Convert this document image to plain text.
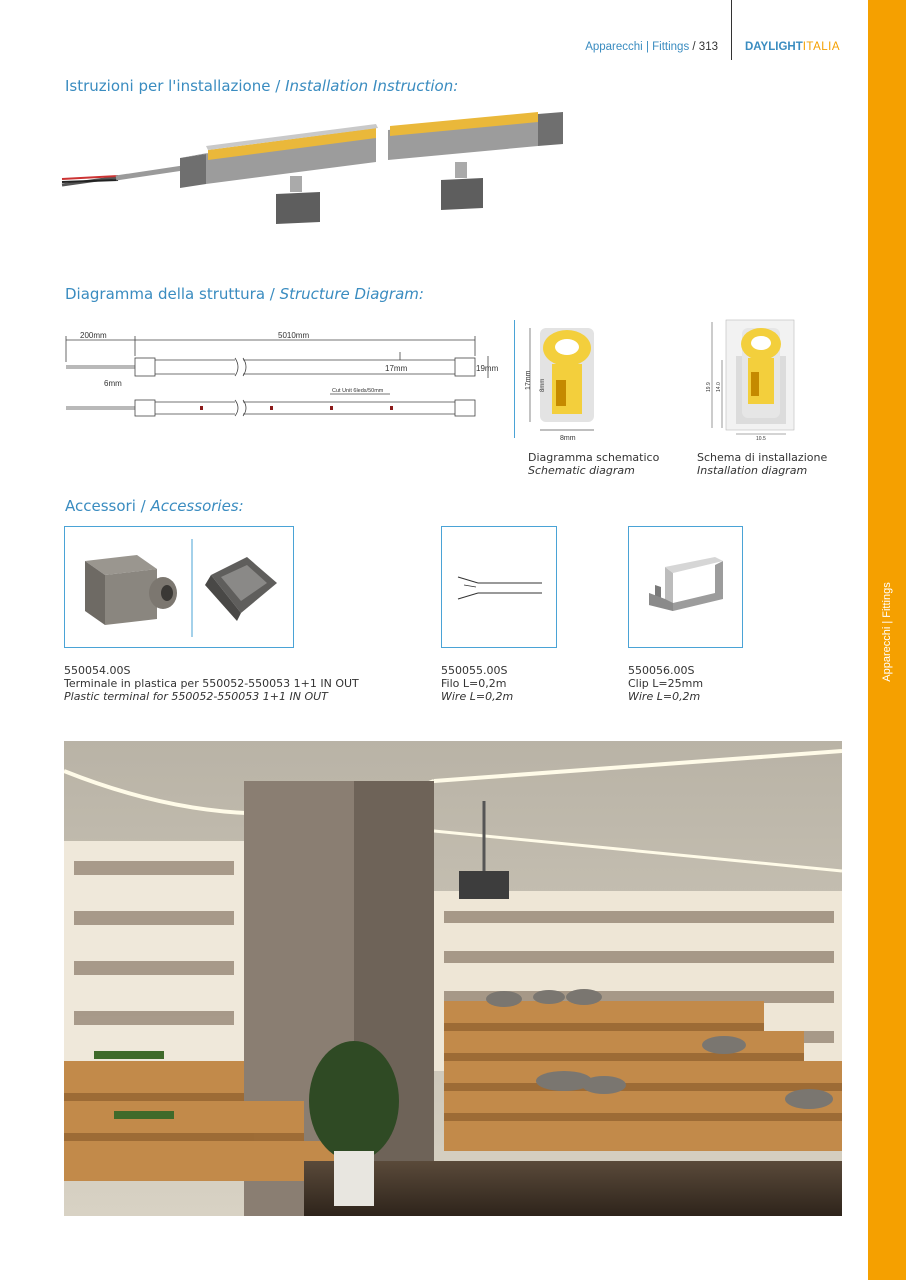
Apparecchi | Fittings
Apparecchi | Fittings / 313 DAYLIGHTITALIA
Istruzioni per l'installazione / Installation Instruction:
Diagramma della struttura / Structure Diagram:
200mm	5010mm
17mm	19mm
6mm
Cut Unit 6leds/50mm
17mm 8mm
8mm
Diagramma schematico
Schematic diagram
19.9 14.0
10.5
Schema di installazione
Installation diagram
Accessori / Accessories:
550054.00S
Terminale in plastica per 550052-550053 1+1 IN OUT
Plastic terminal for 550052-550053 1+1 IN OUT
550055.00S
Filo L=0,2m
Wire L=0,2m
550056.00S
Clip L=25mm
Wire L=0,2m
